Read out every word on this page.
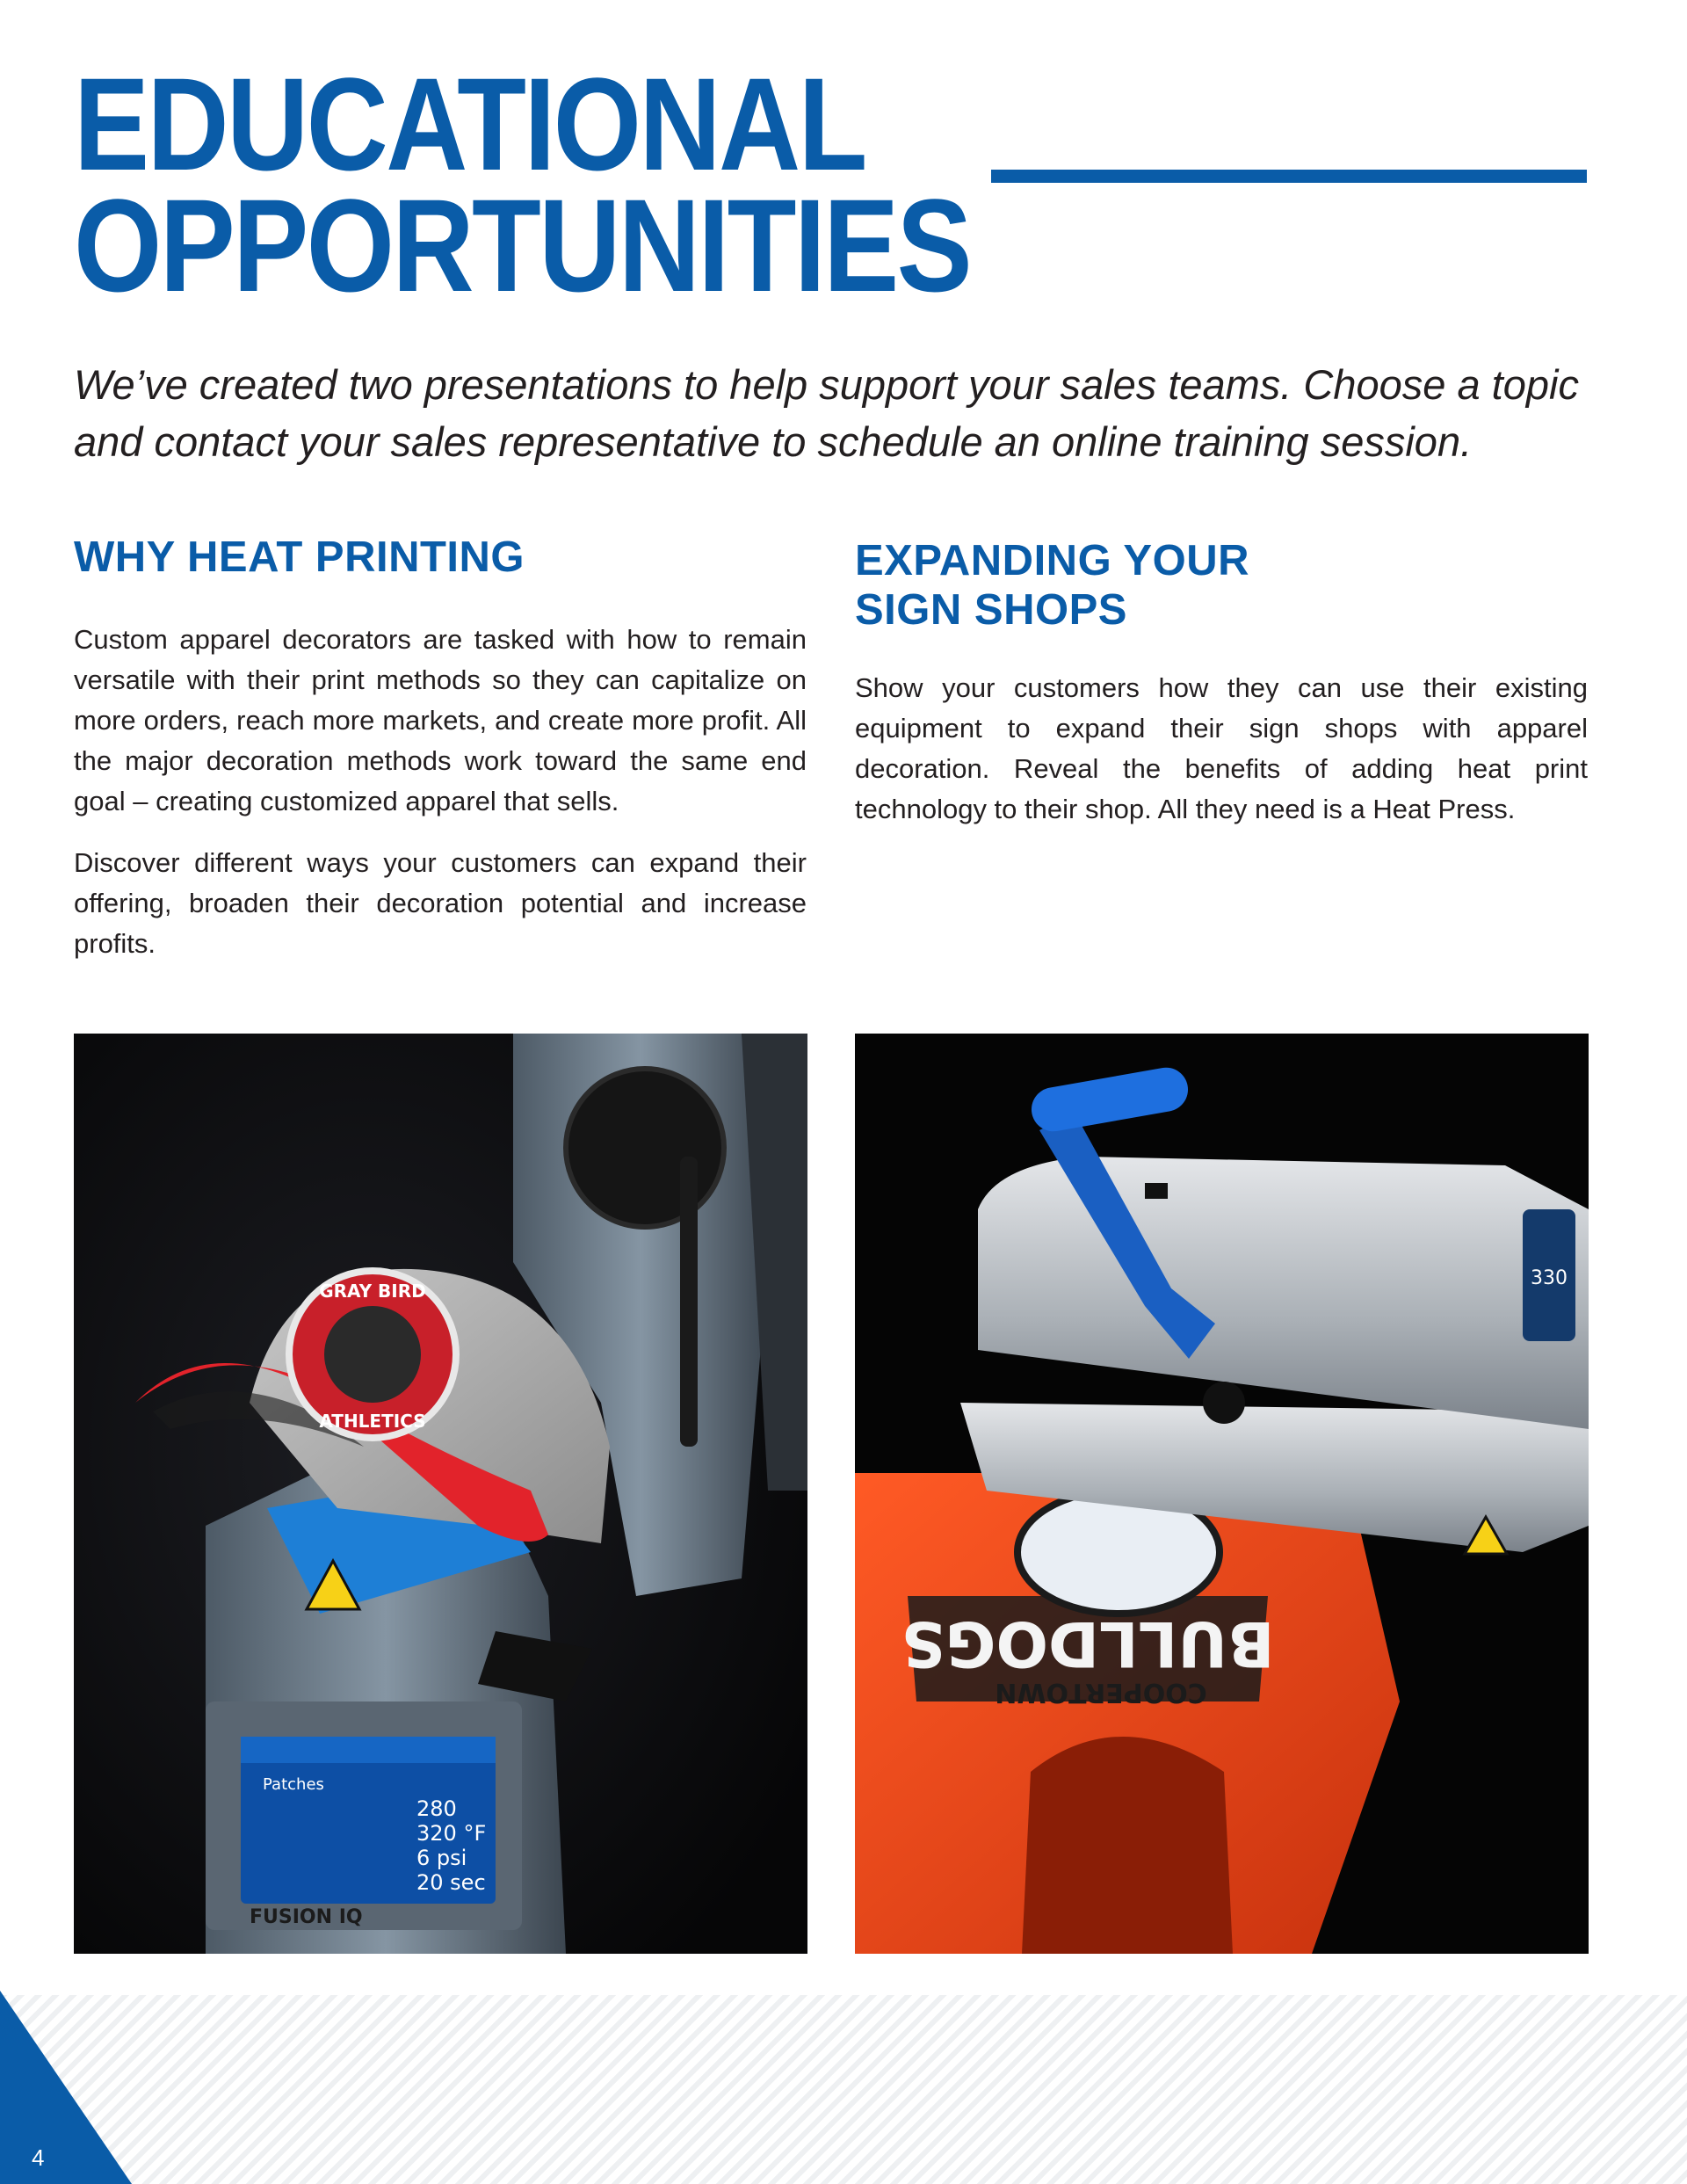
EDUCATIONAL
OPPORTUNITIES

We’ve created two presentations to help support your sales teams. Choose a topic and contact your sales representative to schedule an online training session.

WHY HEAT PRINTING

Custom apparel decorators are tasked with how to remain versatile with their print methods so they can capitalize on more orders, reach more markets, and create more profit. All the major decoration methods work toward the same end goal – creating customized apparel that sells.

Discover different ways your customers can expand their offering, broaden their decoration potential and increase profits.

EXPANDING YOUR
SIGN SHOPS

Show your customers how they can use their existing equipment to expand their sign shops with apparel decoration. Reveal the benefits of adding heat print technology to their shop. All they need is a Heat Press.

GRAY BIRD
ATHLETICS
Patches
280
320 °F
6 psi
20 sec
FUSION IQ
BULLDOGS
COOPERTOWN
330
4
